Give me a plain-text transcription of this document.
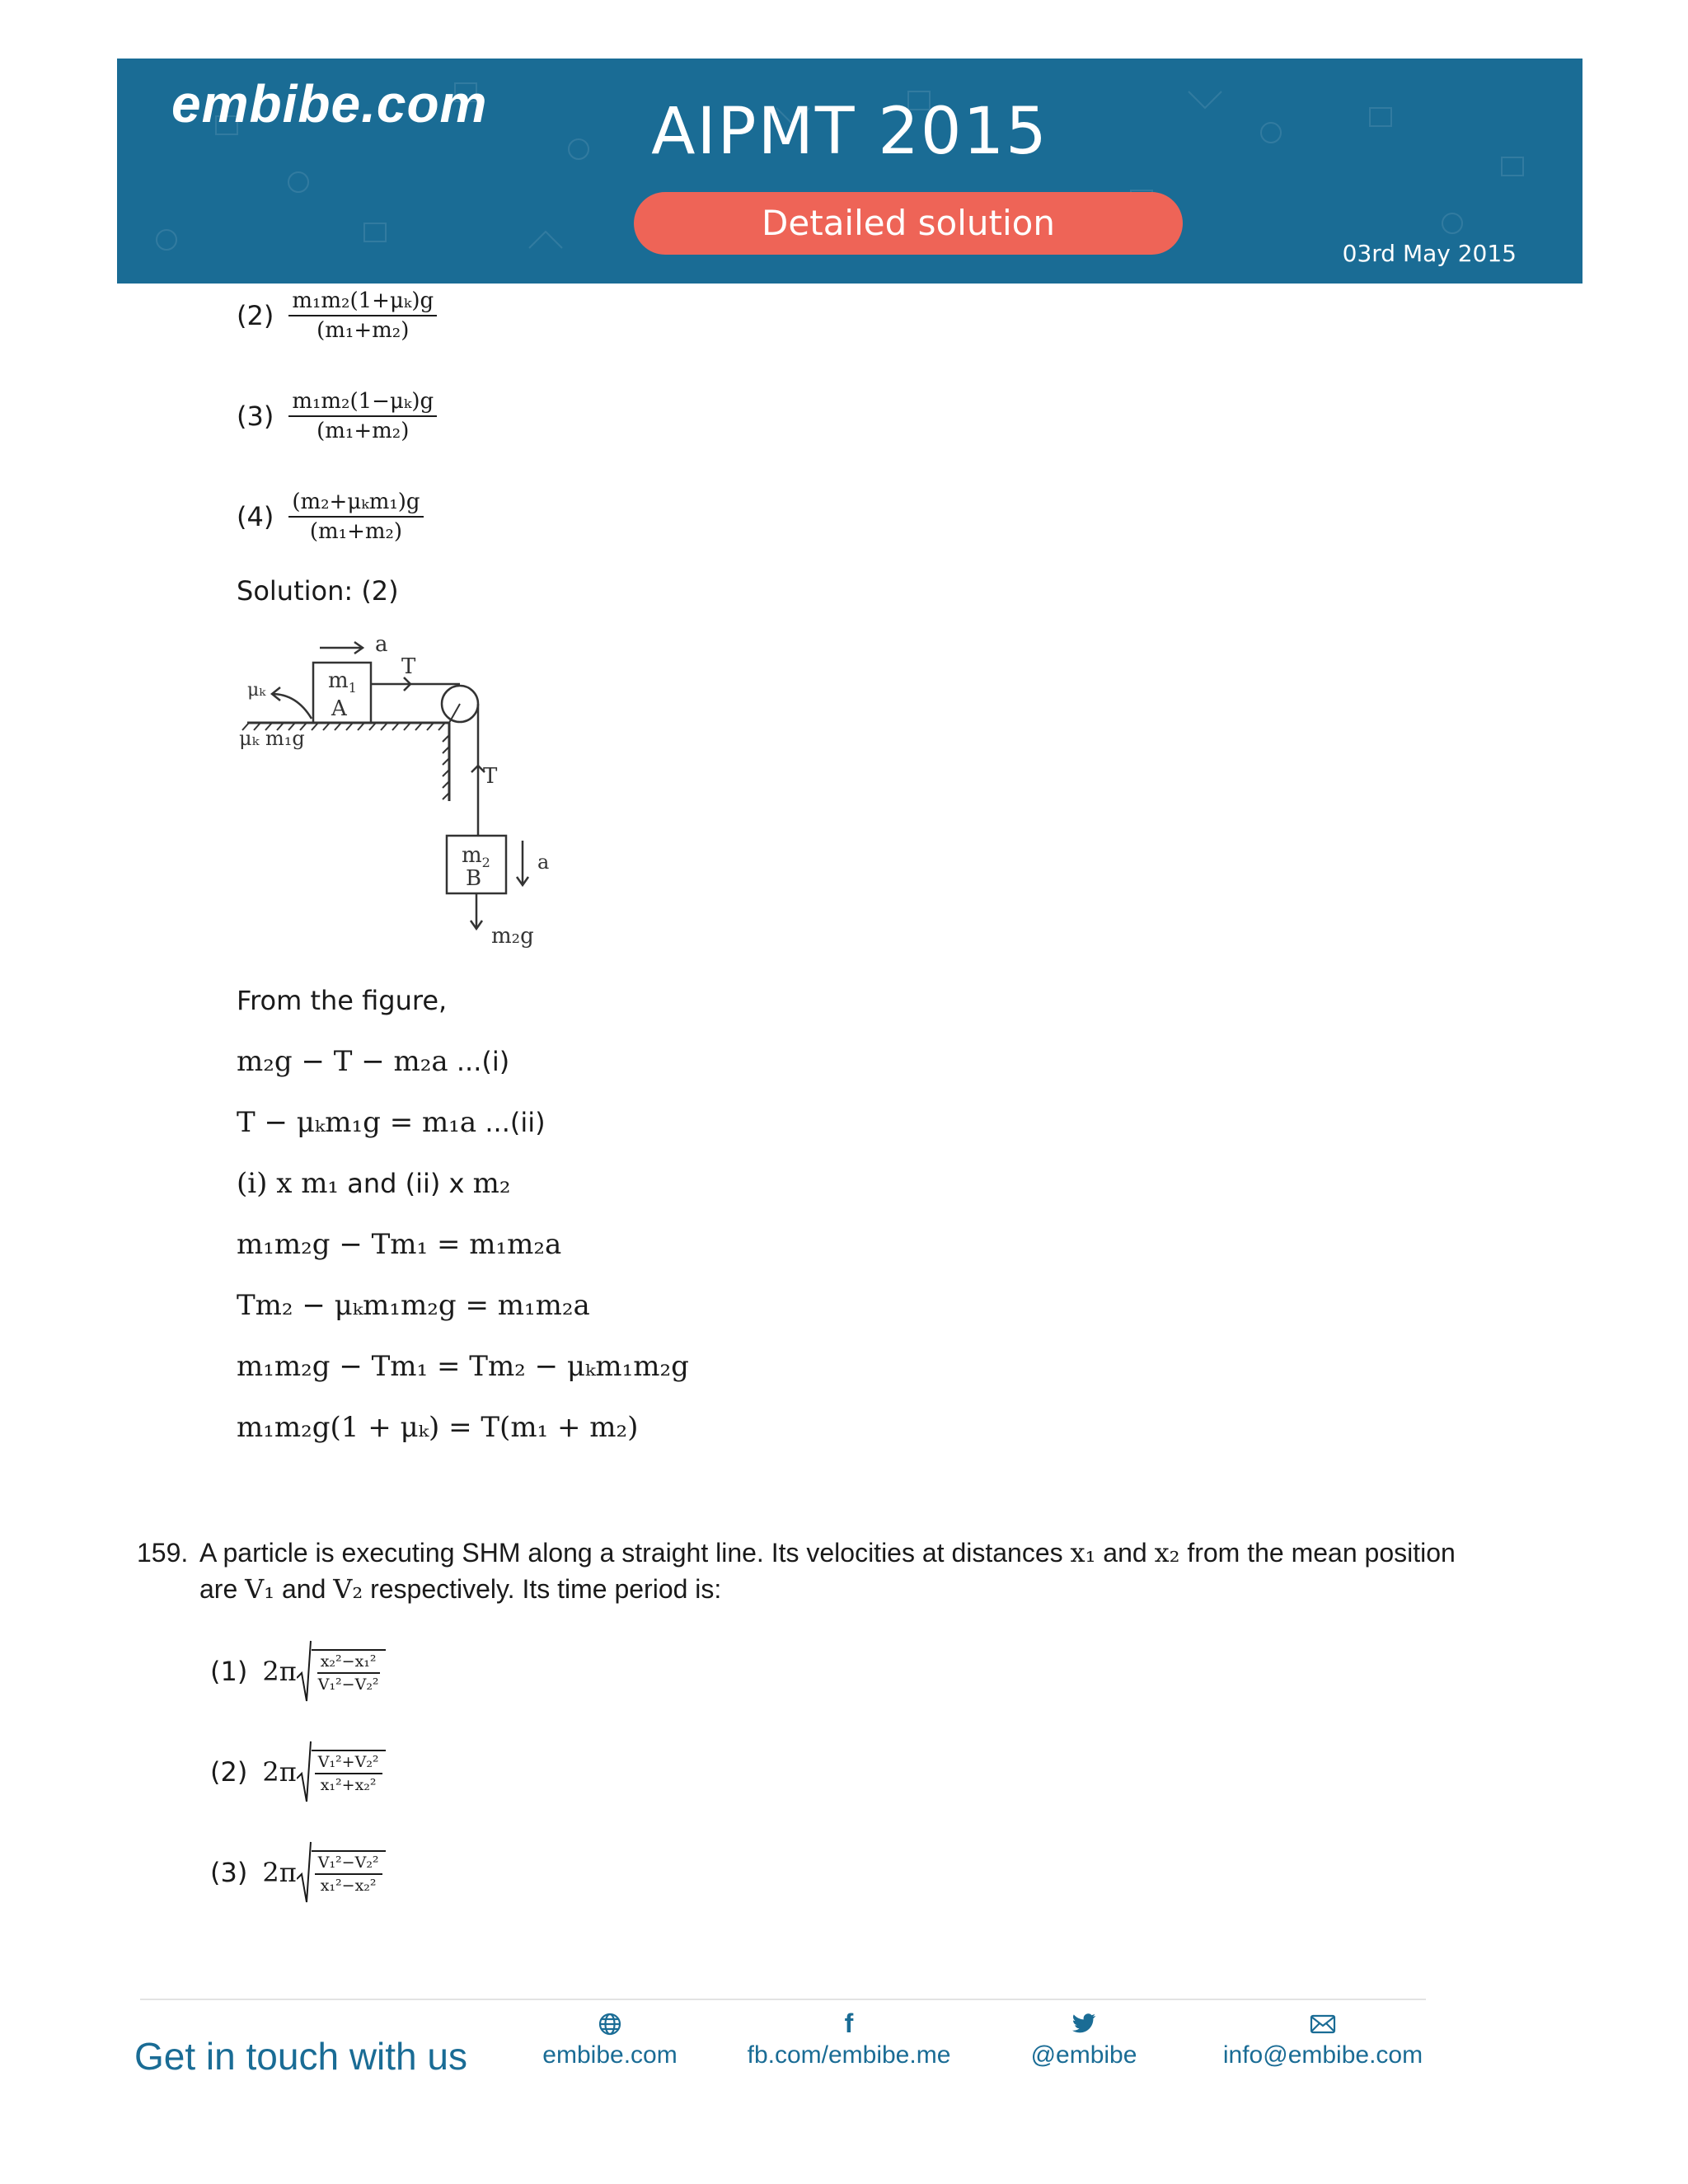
embibe.com	AIPMT 2015
Detailed solution
03rd May 2015
$(2) \frac{\text{m₁m₂(1+μₖ)g}}{\text{(m₁+m₂)}}$
$(3) \frac{\text{m₁m₂(1−μₖ)g}}{\text{(m₁+m₂)}}$
$(4) \frac{\text{(m₂+μₖm₁)g}}{\text{(m₁+m₂)}}$
Solution: (2)
a
T
$m_1$
A
μₖ
μₖ m₁g
T
$m_2$
B
a
m₂g
From the figure,
m₂g − T − m₂a ...(i)
T − μₖm₁g = m₁a ...(ii)
(i) x m₁ and (ii) x m₂
m₁m₂g − Tm₁ = m₁m₂a
Tm₂ − μₖm₁m₂g = m₁m₂a
m₁m₂g − Tm₁ = Tm₂ − μₖm₁m₂g
m₁m₂g(1 + μₖ) = T(m₁ + m₂)
159. A particle is executing SHM along a straight line. Its velocities at distances x₁ and x₂ from the mean position
are V₁ and V₂ respectively. Its time period is:
(1) $2\pi \frac{\text{x₂²−x₁²}}{\text{V₁²−V₂²}}$
(2) $2\pi \frac{\text{V₁²+V₂²}}{\text{x₁²+x₂²}}$
(3) $2\pi \frac{\text{V₁²−V₂²}}{\text{x₁²−x₂²}}$
Get in touch with us	embibe.com
f
fb.com/embibe.me	@embibe	info@embibe.com
